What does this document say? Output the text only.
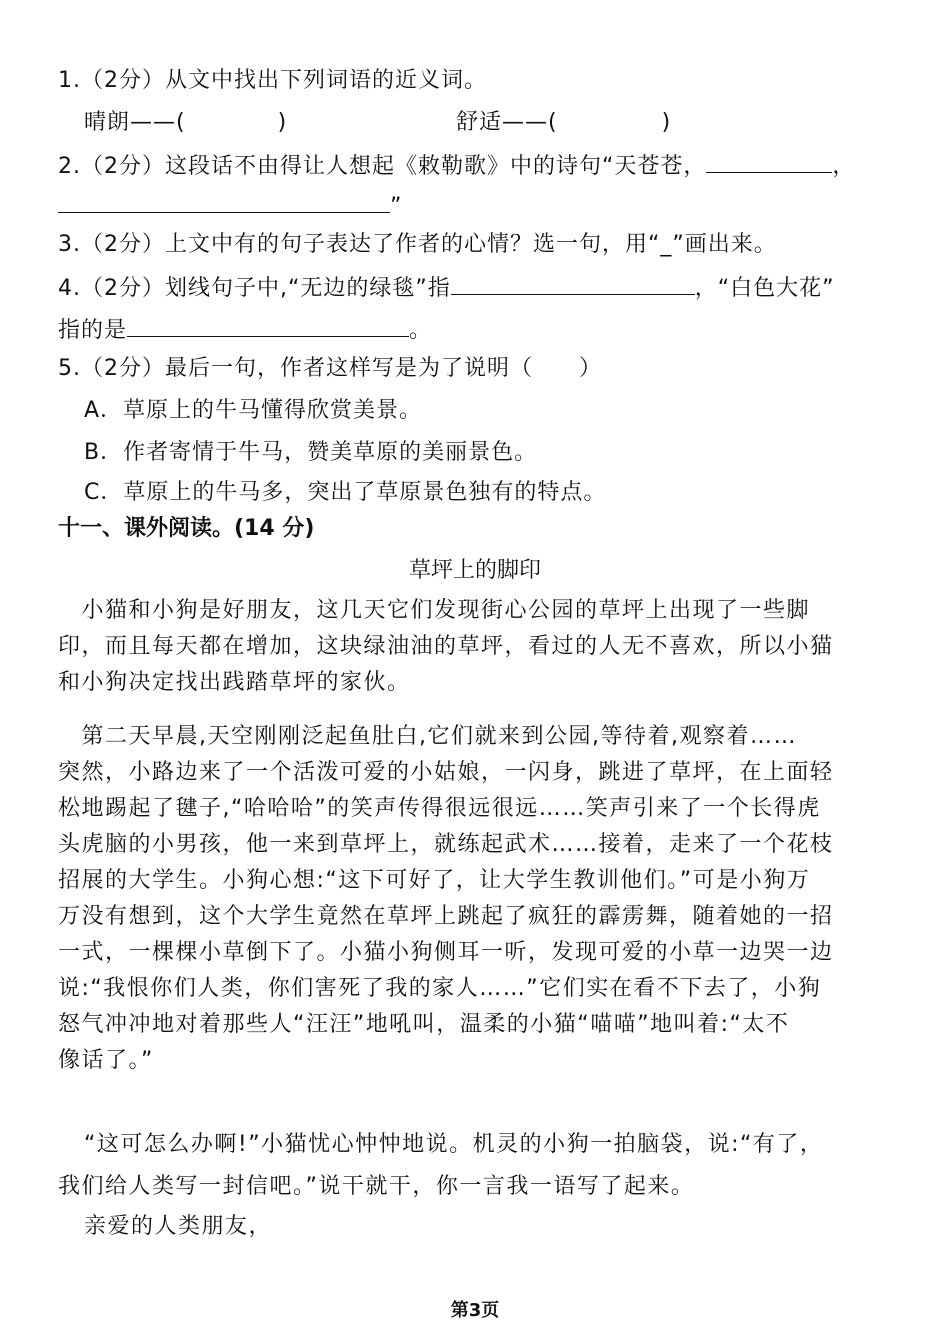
1.（2分）从文中找出下列词语的近义词。
晴朗——(	)	舒适——(	)
2.（2分）这段话不由得让人想起《敕勒歌》中的诗句“天苍苍，	，
”
3.（2分）上文中有的句子表达了作者的心情？选一句，用“_”画出来。
4.（2分）划线句子中,“无边的绿毯”指	，“白色大花”
指的是	。
5.（2分）最后一句，作者这样写是为了说明（　　）
A．草原上的牛马懂得欣赏美景。
B．作者寄情于牛马，赞美草原的美丽景色。
C．草原上的牛马多，突出了草原景色独有的特点。
十一、课外阅读。(14 分)
草坪上的脚印
　小猫和小狗是好朋友，这几天它们发现街心公园的草坪上出现了一些脚
印，而且每天都在增加，这块绿油油的草坪，看过的人无不喜欢，所以小猫
和小狗决定找出践踏草坪的家伙。
　第二天早晨,天空刚刚泛起鱼肚白,它们就来到公园,等待着,观察着……
突然，小路边来了一个活泼可爱的小姑娘，一闪身，跳进了草坪，在上面轻
松地踢起了毽子,“哈哈哈”的笑声传得很远很远……笑声引来了一个长得虎
头虎脑的小男孩，他一来到草坪上，就练起武术……接着，走来了一个花枝
招展的大学生。小狗心想:“这下可好了，让大学生教训他们。”可是小狗万
万没有想到，这个大学生竟然在草坪上跳起了疯狂的霹雳舞，随着她的一招
一式，一棵棵小草倒下了。小猫小狗侧耳一听，发现可爱的小草一边哭一边
说:“我恨你们人类，你们害死了我的家人……”它们实在看不下去了，小狗
怒气冲冲地对着那些人“汪汪”地吼叫，温柔的小猫“喵喵”地叫着:“太不
像话了。”
“这可怎么办啊!”小猫忧心忡忡地说。机灵的小狗一拍脑袋，说:“有了，
我们给人类写一封信吧。”说干就干，你一言我一语写了起来。
亲爱的人类朋友，
第3页
